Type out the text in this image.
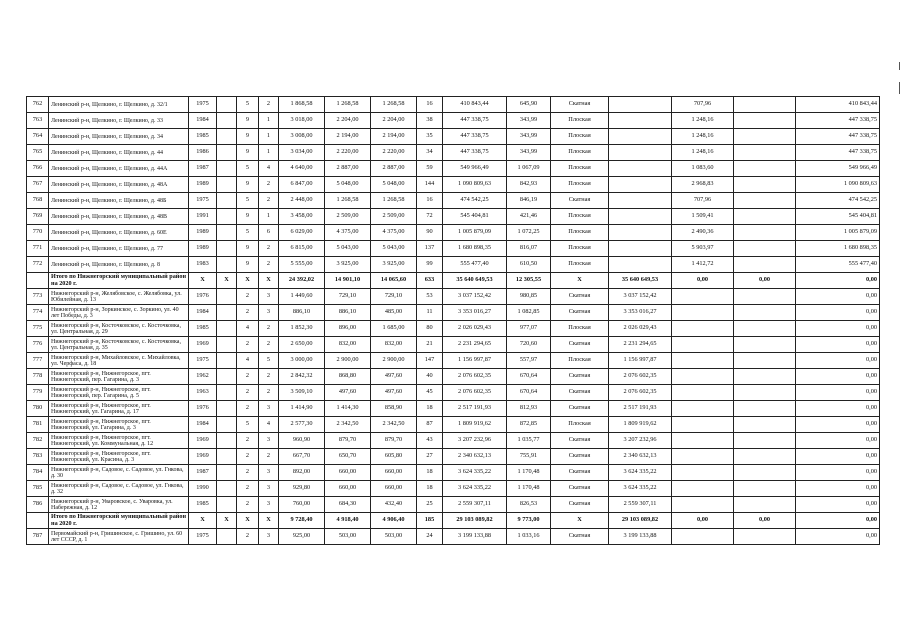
762	Ленинский р-н, Щелкино, г. Щелкино, д. 32/1	1975		5	2	1 868,58	1 268,58	1 268,58	16	410 843,44	645,90	Скатная		707,96		410 843,44
763	Ленинский р-н, Щелкино, г. Щелкино, д. 33	1984		9	1	3 018,00	2 204,00	2 204,00	38	447 338,75	343,99	Плоская		1 248,16		447 338,75
764	Ленинский р-н, Щелкино, г. Щелкино, д. 34	1985		9	1	3 008,00	2 194,00	2 194,00	35	447 338,75	343,99	Плоская		1 248,16		447 338,75
765	Ленинский р-н, Щелкино, г. Щелкино, д. 44	1986		9	1	3 034,00	2 220,00	2 220,00	34	447 338,75	343,99	Плоская		1 248,16		447 338,75
766	Ленинский р-н, Щелкино, г. Щелкино, д. 44А	1987		5	4	4 640,00	2 887,00	2 887,00	59	549 966,49	1 067,09	Плоская		1 083,60		549 966,49
767	Ленинский р-н, Щелкино, г. Щелкино, д. 48А	1989		9	2	6 847,00	5 048,00	5 048,00	144	1 090 809,63	842,93	Плоская		2 968,83		1 090 809,63
768	Ленинский р-н, Щелкино, г. Щелкино, д. 48Б	1975		5	2	2 448,00	1 268,58	1 268,58	16	474 542,25	846,19	Скатная		707,96		474 542,25
769	Ленинский р-н, Щелкино, г. Щелкино, д. 48В	1991		9	1	3 458,00	2 509,00	2 509,00	72	545 404,81	421,46	Плоская		1 509,41		545 404,81
770	Ленинский р-н, Щелкино, г. Щелкино, д. 60Е	1989		5	6	6 029,00	4 375,00	4 375,00	90	1 005 879,09	1 072,25	Плоская		2 490,36		1 005 879,09
771	Ленинский р-н, Щелкино, г. Щелкино, д. 77	1989		9	2	6 815,00	5 043,00	5 043,00	137	1 680 898,35	816,07	Плоская		5 903,97		1 680 898,35
772	Ленинский р-н, Щелкино, г. Щелкино, д. 8	1983		9	2	5 555,00	3 925,00	3 925,00	99	555 477,40	610,50	Плоская		1 412,72		555 477,40
	Итого по Нижнегорский муниципальный район на 2020 г.	X	X	X	X	24 392,02	14 901,10	14 065,60	633	35 640 649,53	12 305,55	X	35 640 649,53	0,00	0,00	0,00
773	Нижнегорский р-н, Желябовское, с. Желябовка, ул. Юбилейная, д. 13	1976		2	3	1 449,60	729,10	729,10	53	3 037 152,42	980,85	Скатная	3 037 152,42			0,00
774	Нижнегорский р-н, Зоркинское, с. Зоркино, ул. 40 лет Победы, д. 3	1984		2	3	886,10	886,10	485,00	11	3 353 016,27	1 082,85	Скатная	3 353 016,27			0,00
775	Нижнегорский р-н, Косточковское, с. Косточковка, ул. Центральная, д. 29	1985		4	2	1 852,30	896,00	1 685,00	80	2 026 029,43	977,07	Плоская	2 026 029,43			0,00
776	Нижнегорский р-н, Косточковское, с. Косточковка, ул. Центральная, д. 35	1969		2	2	2 650,00	832,00	832,00	21	2 231 294,65	720,60	Скатная	2 231 294,65			0,00
777	Нижнегорский р-н, Михайловское, с. Михайловка, ул. Черфаса, д. 18	1975		4	5	3 000,00	2 900,00	2 900,00	147	1 156 997,87	557,97	Плоская	1 156 997,87			0,00
778	Нижнегорский р-н, Нижнегорское, пгт. Нижнегорский, пер. Гагарина, д. 3	1962		2	2	2 842,32	868,80	497,60	40	2 076 602,35	670,64	Скатная	2 076 602,35			0,00
779	Нижнегорский р-н, Нижнегорское, пгт. Нижнегорский, пер. Гагарина, д. 5	1963		2	2	3 509,10	497,60	497,60	45	2 076 602,35	670,64	Скатная	2 076 602,35			0,00
780	Нижнегорский р-н, Нижнегорское, пгт. Нижнегорский, ул. Гагарина, д. 17	1976		2	3	1 414,90	1 414,30	858,90	18	2 517 191,93	812,93	Скатная	2 517 191,93			0,00
781	Нижнегорский р-н, Нижнегорское, пгт. Нижнегорский, ул. Гагарина, д. 3	1984		5	4	2 577,30	2 342,50	2 342,50	87	1 809 919,62	872,85	Плоская	1 809 919,62			0,00
782	Нижнегорский р-н, Нижнегорское, пгт. Нижнегорский, ул. Коммунальная, д. 12	1969		2	3	960,90	879,70	879,70	43	3 207 232,96	1 035,77	Скатная	3 207 232,96			0,00
783	Нижнегорский р-н, Нижнегорское, пгт. Нижнегорский, ул. Красина, д. 3	1969		2	2	667,70	650,70	605,80	27	2 340 632,13	755,91	Скатная	2 340 632,13			0,00
784	Нижнегорский р-н, Садовое, с. Садовое, ул. Гнкова, д. 30	1987		2	3	892,00	660,00	660,00	18	3 624 335,22	1 170,48	Скатная	3 624 335,22			0,00
785	Нижнегорский р-н, Садовое, с. Садовое, ул. Гнкова, д. 32	1990		2	3	929,80	660,00	660,00	18	3 624 335,22	1 170,48	Скатная	3 624 335,22			0,00
786	Нижнегорский р-н, Уваровское, с. Уваровка, ул. Набережная, д. 12	1985		2	3	760,00	684,30	432,40	25	2 559 307,11	826,53	Скатная	2 559 307,11			0,00
	Итого по Нижнегорский муниципальный район на 2020 г.	X	X	X	X	9 728,40	4 918,40	4 906,40	185	29 103 089,82	9 773,00	X	29 103 089,82	0,00	0,00	0,00
787	Первомайский р-н, Гришинское, с. Гришино, ул. 60 лет СССР, д. 1	1975		2	3	925,00	503,00	503,00	24	3 199 133,88	1 033,16	Скатная	3 199 133,88			0,00
